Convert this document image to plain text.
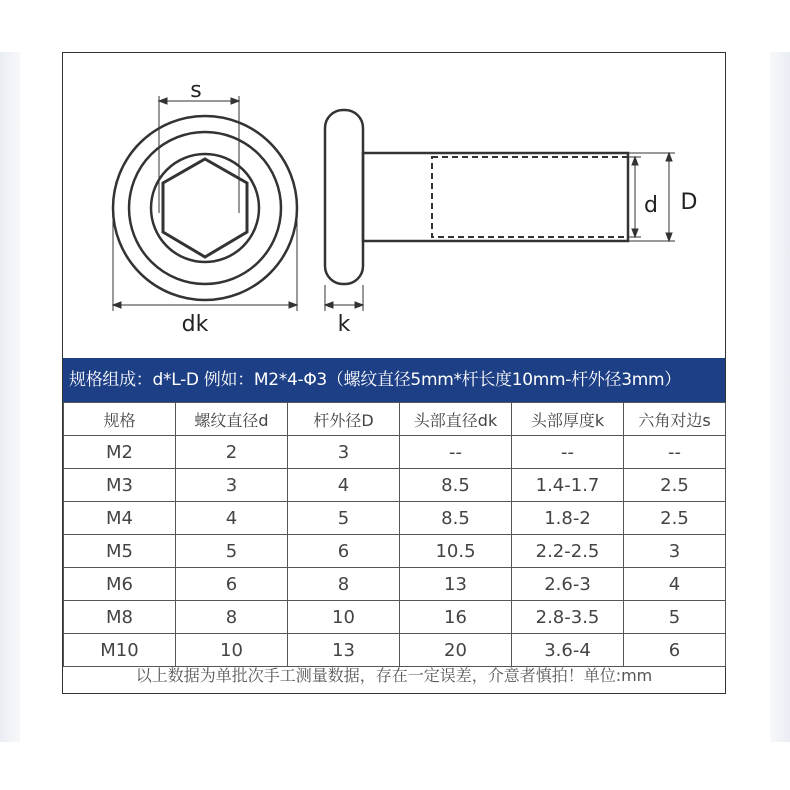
s
dk	k
d D
规格组成：d*L-D 例如：M2*4-Φ3（螺纹直径5mm*杆长度10mm-杆外径3mm）
规格	螺纹直径d	杆外径D	头部直径dk	头部厚度k	六角对边s
M2	2	3	--	--	--
M3	3	4	8.5	1.4-1.7	2.5
M4	4	5	8.5	1.8-2	2.5
M5	5	6	10.5	2.2-2.5	3
M6	6	8	13	2.6-3	4
M8	8	10	16	2.8-3.5	5
M10	10	13	20	3.6-4	6
以上数据为单批次手工测量数据，存在一定误差，介意者慎拍！单位:mm
